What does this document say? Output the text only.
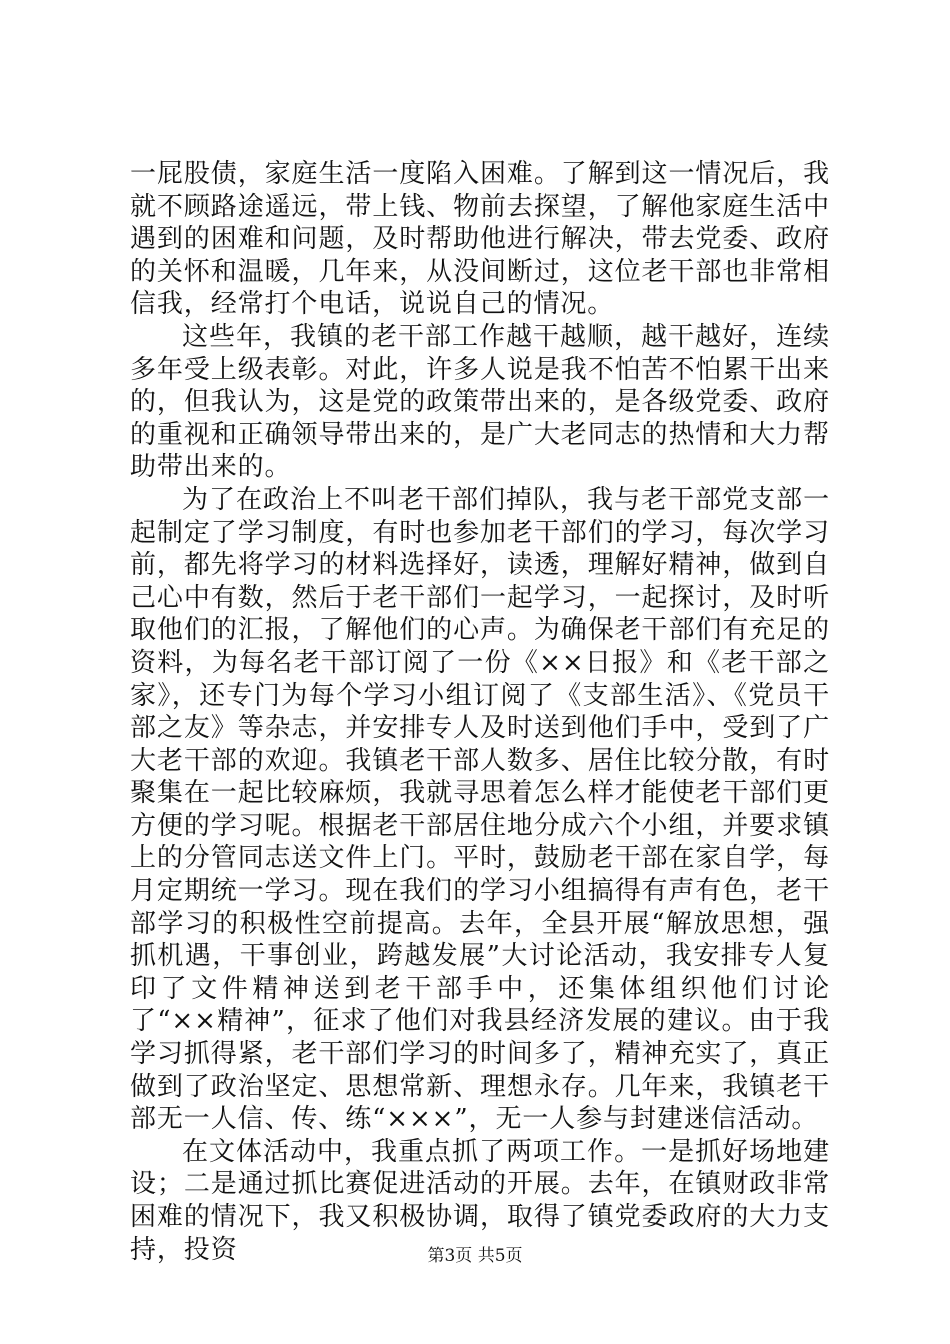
一屁股债，家庭生活一度陷入困难。了解到这一情况后，我就不顾路途遥远，带上钱、物前去探望，了解他家庭生活中遇到的困难和问题，及时帮助他进行解决，带去党委、政府的关怀和温暖，几年来，从没间断过，这位老干部也非常相信我，经常打个电话，说说自己的情况。

这些年，我镇的老干部工作越干越顺，越干越好，连续多年受上级表彰。对此，许多人说是我不怕苦不怕累干出来的，但我认为，这是党的政策带出来的，是各级党委、政府的重视和正确领导带出来的，是广大老同志的热情和大力帮助带出来的。

为了在政治上不叫老干部们掉队，我与老干部党支部一起制定了学习制度，有时也参加老干部们的学习，每次学习前，都先将学习的材料选择好，读透，理解好精神，做到自己心中有数，然后于老干部们一起学习，一起探讨，及时听取他们的汇报，了解他们的心声。为确保老干部们有充足的资料，为每名老干部订阅了一份《××日报》和《老干部之家》，还专门为每个学习小组订阅了《支部生活》、《党员干部之友》等杂志，并安排专人及时送到他们手中，受到了广大老干部的欢迎。我镇老干部人数多、居住比较分散，有时聚集在一起比较麻烦，我就寻思着怎么样才能使老干部们更方便的学习呢。根据老干部居住地分成六个小组，并要求镇上的分管同志送文件上门。平时，鼓励老干部在家自学，每月定期统一学习。现在我们的学习小组搞得有声有色，老干部学习的积极性空前提高。去年，全县开展“解放思想，强抓机遇，干事创业，跨越发展”大讨论活动，我安排专人复印了文件精神送到老干部手中，还集体组织他们讨论了“××精神”，征求了他们对我县经济发展的建议。由于我学习抓得紧，老干部们学习的时间多了，精神充实了，真正做到了政治坚定、思想常新、理想永存。几年来，我镇老干部无一人信、传、练“×××”，无一人参与封建迷信活动。

在文体活动中，我重点抓了两项工作。一是抓好场地建设；二是通过抓比赛促进活动的开展。去年，在镇财政非常困难的情况下，我又积极协调，取得了镇党委政府的大力支持，投资	第3页 共5页
